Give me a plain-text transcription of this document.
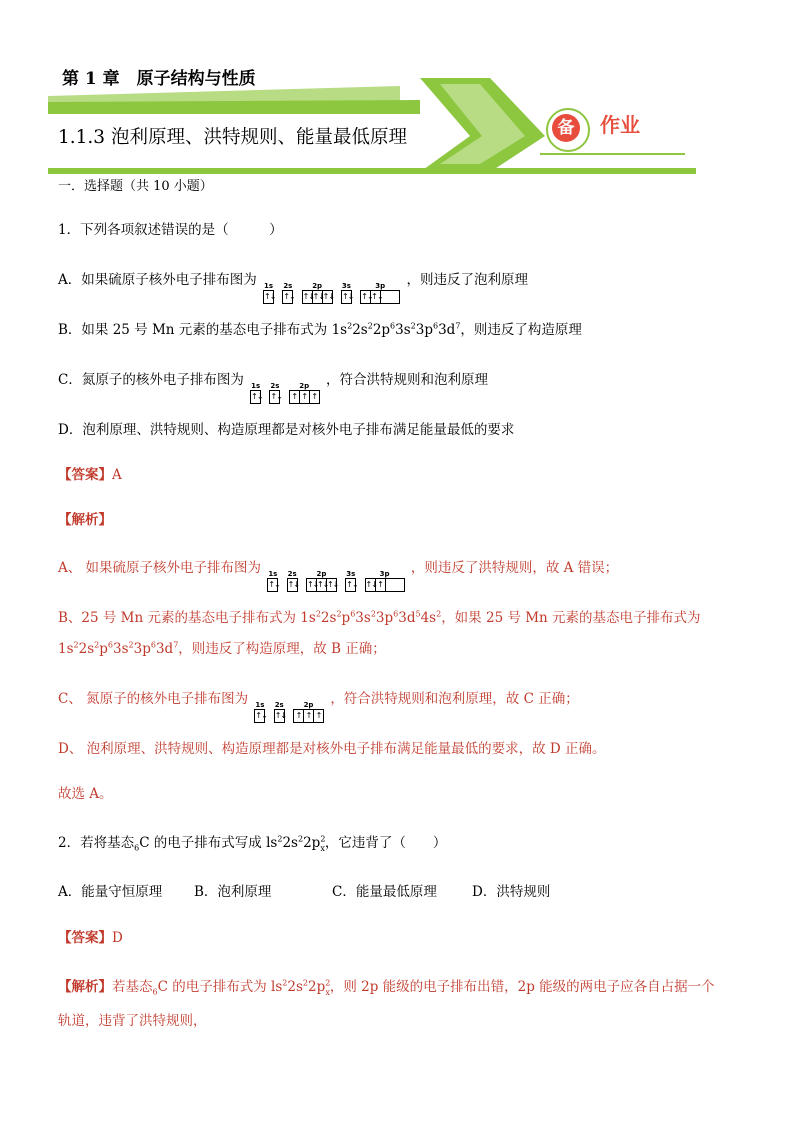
第 1 章　原子结构与性质
1.1.3 泡利原理、洪特规则、能量最低原理	备 作业
一．选择题（共 10 小题）
1．下列各项叙述错误的是（　　　）
A．如果硫原子核外电子排布图为 1s
↑↓

2s
↑↓

2p
↑↓
↑↓
↑↓

3s
↑↓

3p
↑↓
↑↓
，则违反了泡利原理
B．如果 25 号 Mn 元素的基态电子排布式为 $1s^22s^22p^63s^23p^63d^7$，则违反了构造原理
C．氮原子的核外电子排布图为 1s
↑↓

2s
↑↓

2p
↑ ↑ ↑
，符合洪特规则和泡利原理
D．泡利原理、洪特规则、构造原理都是对核外电子排布满足能量最低的要求
【答案】A
【解析】
A、 如果硫原子核外电子排布图为 1s
↑↓

2s
↑↓

2p
↑↓
↑↓
↑↓

3s
↑↓

3p
↑↓ ↑
，则违反了洪特规则，故 A 错误；
B、25 号 Mn 元素的基态电子排布式为 $1s^22s^2p^63s^23p^63d^54s^2$，如果 25 号 Mn 元素的基态电子排布式为
$1s^22s^2p^63s^23p^63d^7$，则违反了构造原理，故 B 正确；
C、 氮原子的核外电子排布图为 1s
↑↓

2s
↑↓

2p
↑ ↑ ↑
，符合洪特规则和泡利原理，故 C 正确；
D、 泡利原理、洪特规则、构造原理都是对核外电子排布满足能量最低的要求，故 D 正确。
故选 A。
2．若将基态$_6$C 的电子排布式写成 $ls^22s^22p^2_x$，它违背了（　　）
A．能量守恒原理 B．泡利原理	C．能量最低原理	D．洪特规则
【答案】D
【解析】若基态$_6$C 的电子排布式为 $ls^22s^22p^2_x$，则 2p 能级的电子排布出错，2p 能级的两电子应各自占据一个
轨道，违背了洪特规则，
